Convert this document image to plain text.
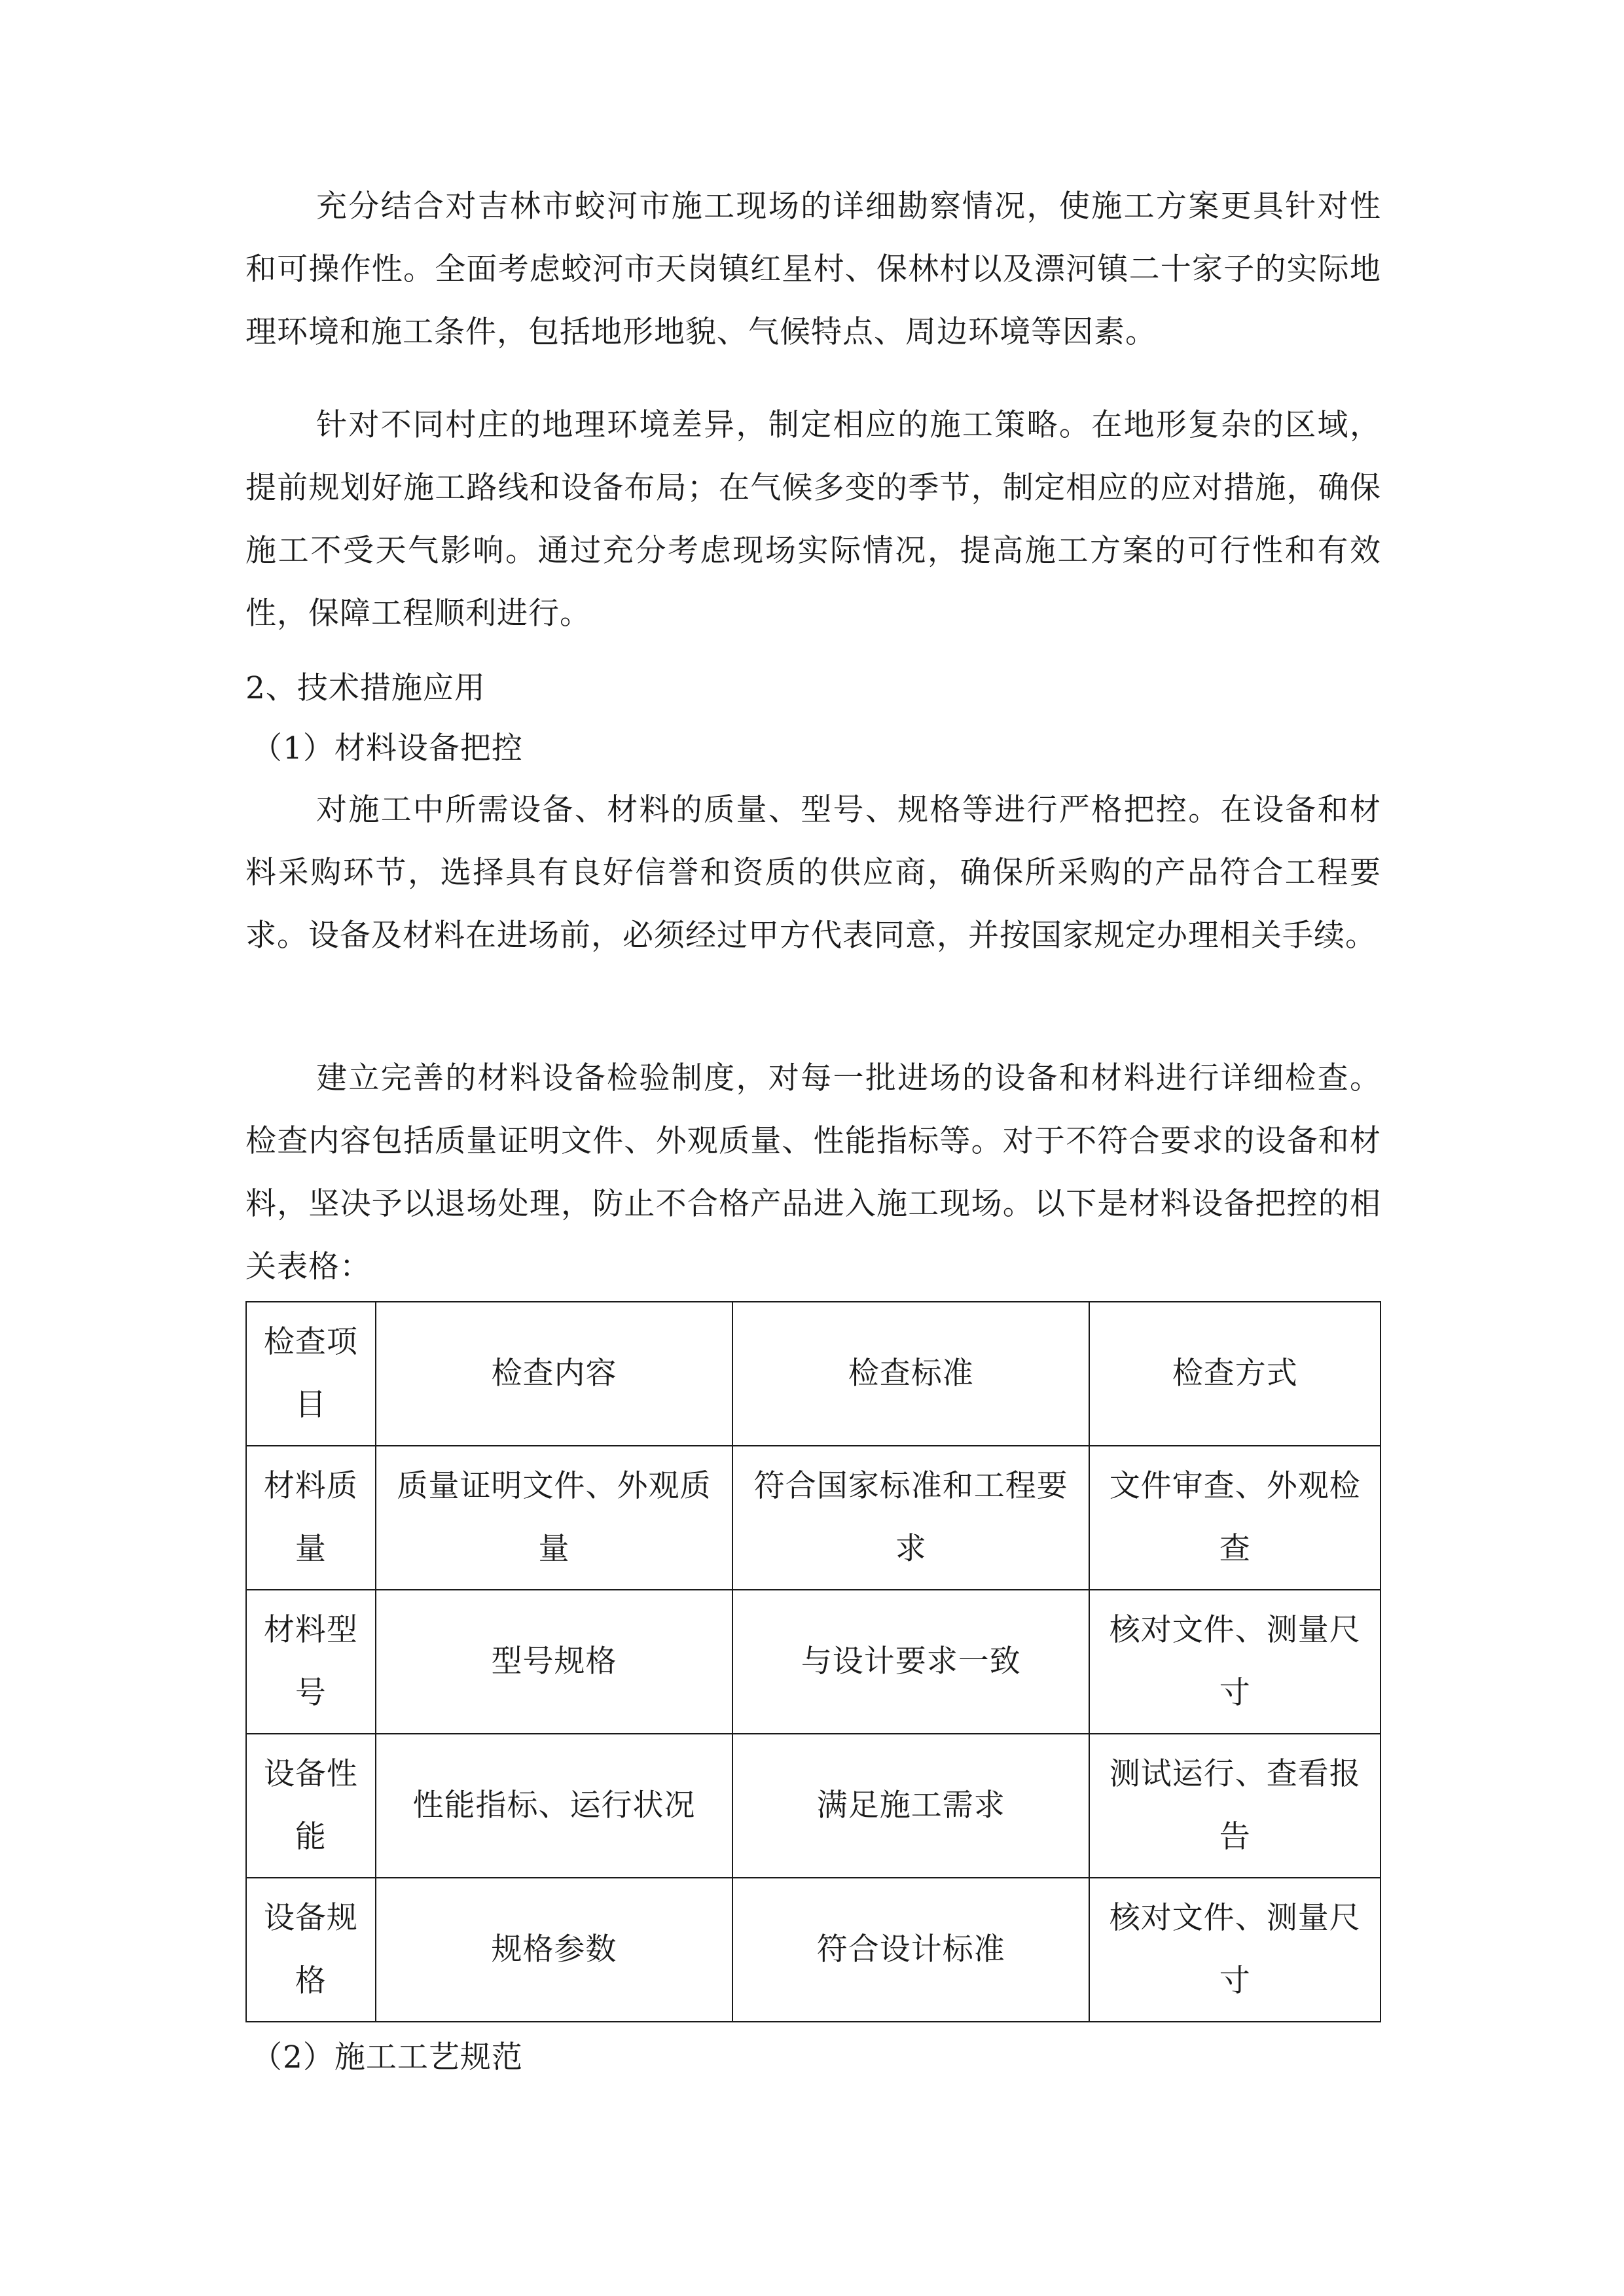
充分结合对吉林市蛟河市施工现场的详细勘察情况，使施工方案更具针对性和可操作性。全面考虑蛟河市天岗镇红星村、保林村以及漂河镇二十家子的实际地理环境和施工条件，包括地形地貌、气候特点、周边环境等因素。

针对不同村庄的地理环境差异，制定相应的施工策略。在地形复杂的区域，提前规划好施工路线和设备布局；在气候多变的季节，制定相应的应对措施，确保施工不受天气影响。通过充分考虑现场实际情况，提高施工方案的可行性和有效性，保障工程顺利进行。

2、技术措施应用

（1）材料设备把控

对施工中所需设备、材料的质量、型号、规格等进行严格把控。在设备和材料采购环节，选择具有良好信誉和资质的供应商，确保所采购的产品符合工程要求。设备及材料在进场前，必须经过甲方代表同意，并按国家规定办理相关手续。

建立完善的材料设备检验制度，对每一批进场的设备和材料进行详细检查。检查内容包括质量证明文件、外观质量、性能指标等。对于不符合要求的设备和材料，坚决予以退场处理，防止不合格产品进入施工现场。以下是材料设备把控的相关表格：

检查项目	检查内容	检查标准	检查方式
材料质量	质量证明文件、外观质量	符合国家标准和工程要求	文件审查、外观检查
材料型号	型号规格	与设计要求一致	核对文件、测量尺寸
设备性能	性能指标、运行状况	满足施工需求	测试运行、查看报告
设备规格	规格参数	符合设计标准	核对文件、测量尺寸

（2）施工工艺规范
